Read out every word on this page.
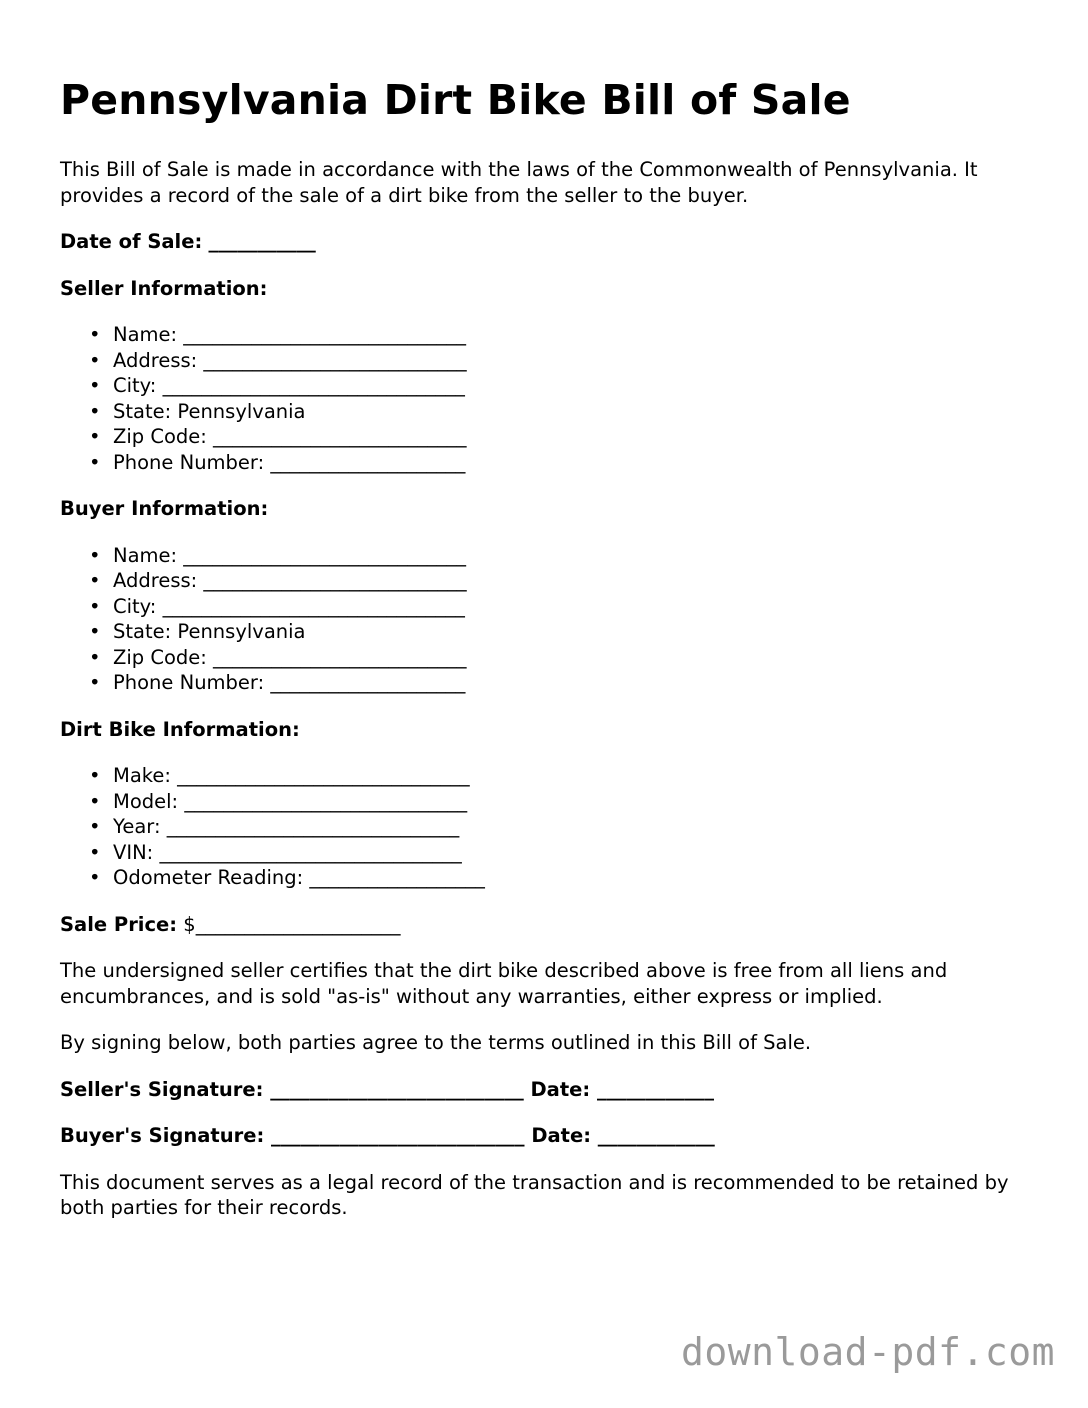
Pennsylvania Dirt Bike Bill of Sale

This Bill of Sale is made in accordance with the laws of the Commonwealth of Pennsylvania. It provides a record of the sale of a dirt bike from the seller to the buyer.

Date of Sale: ___________

Seller Information:

• Name: _____________________________
• Address: ___________________________
• City: _______________________________
• State: Pennsylvania
• Zip Code: __________________________
• Phone Number: ____________________

Buyer Information:

• Name: _____________________________
• Address: ___________________________
• City: _______________________________
• State: Pennsylvania
• Zip Code: __________________________
• Phone Number: ____________________

Dirt Bike Information:

• Make: ______________________________
• Model: _____________________________
• Year: ______________________________
• VIN: _______________________________
• Odometer Reading: __________________

Sale Price: $_____________________

The undersigned seller certifies that the dirt bike described above is free from all liens and encumbrances, and is sold "as-is" without any warranties, either express or implied.

By signing below, both parties agree to the terms outlined in this Bill of Sale.

Seller's Signature: __________________________ Date: ____________

Buyer's Signature: __________________________ Date: ____________

This document serves as a legal record of the transaction and is recommended to be retained by both parties for their records.

download-pdf.com
